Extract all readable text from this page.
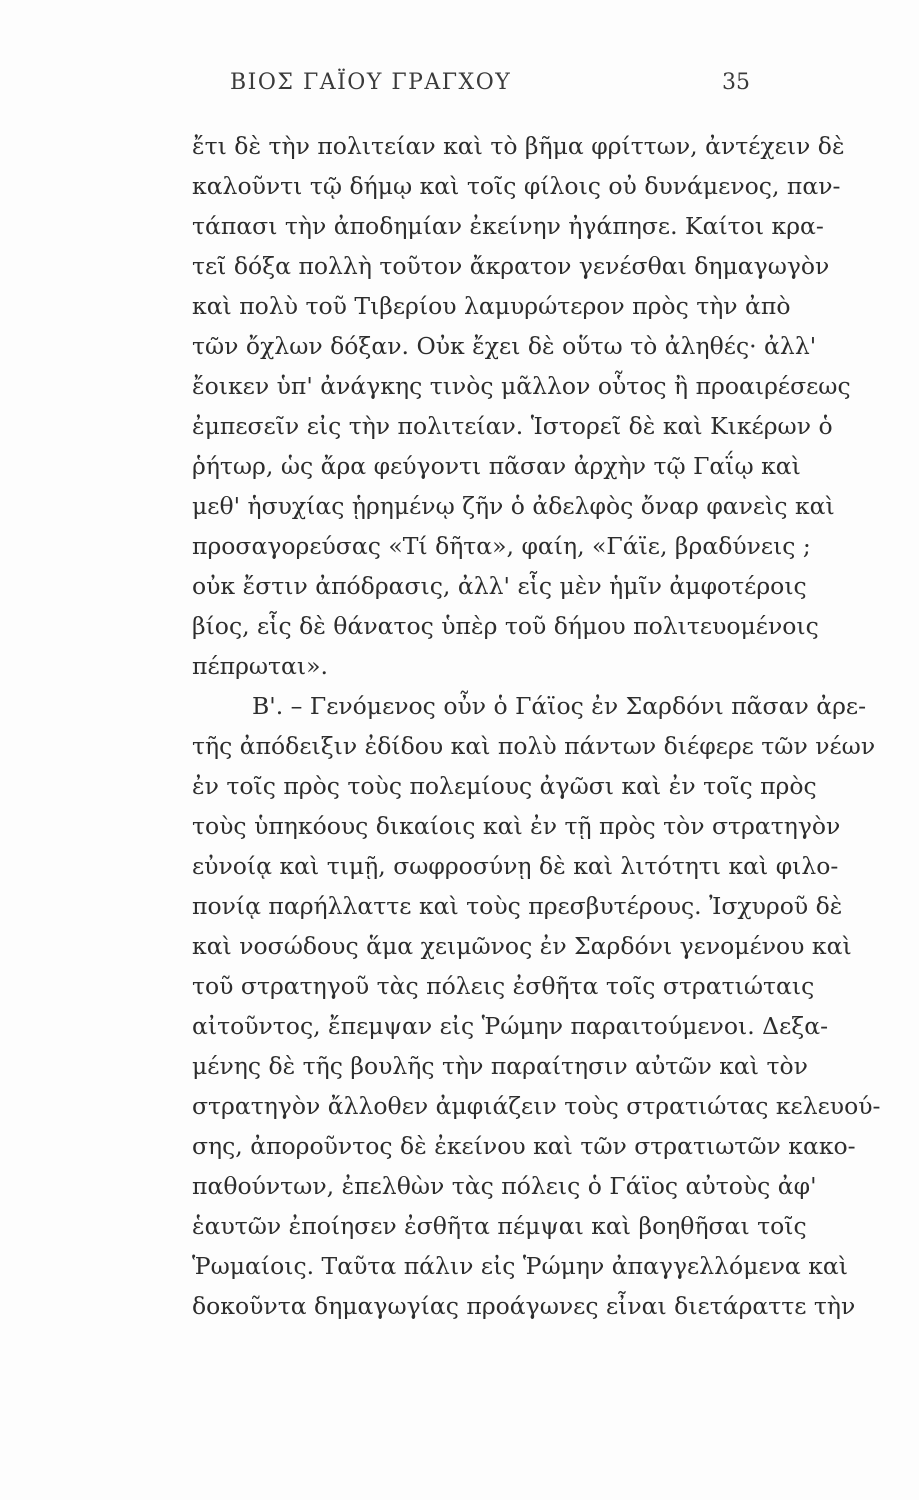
ΒΙΟΣ ΓΑΪΟΥ ΓΡΑΓΧΟΥ	35
ἔτι δὲ τὴν πολιτείαν καὶ τὸ βῆμα φρίττων, ἀντέχειν δὲ
καλοῦντι τῷ δήμῳ καὶ τοῖς φίλοις οὐ δυνάμενος, παν-
τάπασι τὴν ἀποδημίαν ἐκείνην ἠγάπησε. Καίτοι κρα-
τεῖ δόξα πολλὴ τοῦτον ἄκρατον γενέσθαι δημαγωγὸν
καὶ πολὺ τοῦ Τιβερίου λαμυρώτερον πρὸς τὴν ἀπὸ
τῶν ὄχλων δόξαν. Οὐκ ἔχει δὲ οὕτω τὸ ἀληθές· ἀλλ'
ἔοικεν ὑπ' ἀνάγκης τινὸς μᾶλλον οὗτος ἢ προαιρέσεως
ἐμπεσεῖν εἰς τὴν πολιτείαν. Ἱστορεῖ δὲ καὶ Κικέρων ὁ
ῥήτωρ, ὡς ἄρα φεύγοντι πᾶσαν ἀρχὴν τῷ Γαΐῳ καὶ
μεθ' ἡσυχίας ᾑρημένῳ ζῆν ὁ ἀδελφὸς ὄναρ φανεὶς καὶ
προσαγορεύσας «Τί δῆτα», φαίη, «Γάϊε, βραδύνεις ;
οὐκ ἔστιν ἀπόδρασις, ἀλλ' εἷς μὲν ἡμῖν ἀμφοτέροις
βίος, εἷς δὲ θάνατος ὑπὲρ τοῦ δήμου πολιτευομένοις
πέπρωται».
Β'. – Γενόμενος οὖν ὁ Γάϊος ἐν Σαρδόνι πᾶσαν ἀρε-
τῆς ἀπόδειξιν ἐδίδου καὶ πολὺ πάντων διέφερε τῶν νέων
ἐν τοῖς πρὸς τοὺς πολεμίους ἀγῶσι καὶ ἐν τοῖς πρὸς
τοὺς ὑπηκόους δικαίοις καὶ ἐν τῇ πρὸς τὸν στρατηγὸν
εὐνοίᾳ καὶ τιμῇ, σωφροσύνῃ δὲ καὶ λιτότητι καὶ φιλο-
πονίᾳ παρήλλαττε καὶ τοὺς πρεσβυτέρους. Ἰσχυροῦ δὲ
καὶ νοσώδους ἅμα χειμῶνος ἐν Σαρδόνι γενομένου καὶ
τοῦ στρατηγοῦ τὰς πόλεις ἐσθῆτα τοῖς στρατιώταις
αἰτοῦντος, ἔπεμψαν εἰς Ῥώμην παραιτούμενοι. Δεξα-
μένης δὲ τῆς βουλῆς τὴν παραίτησιν αὐτῶν καὶ τὸν
στρατηγὸν ἄλλοθεν ἀμφιάζειν τοὺς στρατιώτας κελευού-
σης, ἀπορoῦντος δὲ ἐκείνου καὶ τῶν στρατιωτῶν κακο-
παθούντων, ἐπελθὼν τὰς πόλεις ὁ Γάϊος αὐτοὺς ἀφ'
ἑαυτῶν ἐποίησεν ἐσθῆτα πέμψαι καὶ βοηθῆσαι τοῖς
Ῥωμαίοις. Ταῦτα πάλιν εἰς Ῥώμην ἀπαγγελλόμενα καὶ
δοκοῦντα δημαγωγίας προάγωνες εἶναι διετάραττε τὴν
